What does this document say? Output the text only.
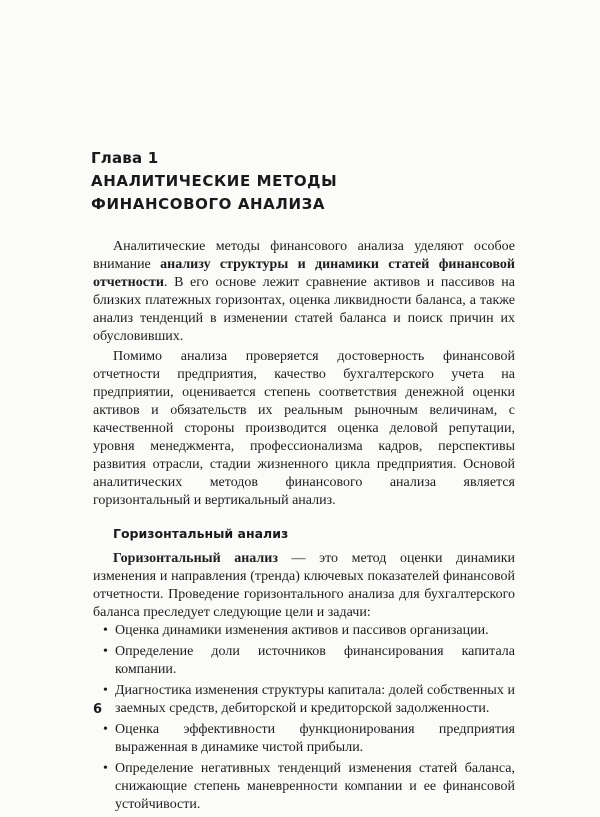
Глава 1
АНАЛИТИЧЕСКИЕ МЕТОДЫ
ФИНАНСОВОГО АНАЛИЗА

Аналитические методы финансового анализа уделяют особое внимание анализу структуры и динамики статей финансовой отчетности. В его основе лежит сравнение активов и пассивов на близких платежных горизонтах, оценка ликвидности баланса, а также анализ тенденций в изменении статей баланса и поиск причин их обусловивших.

Помимо анализа проверяется достоверность финансовой отчетности предприятия, качество бухгалтерского учета на предприятии, оценивается степень соответствия денежной оценки активов и обязательств их реальным рыночным величинам, с качественной стороны производится оценка деловой репутации, уровня менеджмента, профессионализма кадров, перспективы развития отрасли, стадии жизненного цикла предприятия. Основой аналитических методов финансового анализа является горизонтальный и вертикальный анализ.

Горизонтальный анализ

Горизонтальный анализ — это метод оценки динамики изменения и направления (тренда) ключевых показателей финансовой отчетности. Проведение горизонтального анализа для бухгалтерского баланса преследует следующие цели и задачи:

• Оценка динамики изменения активов и пассивов организации.
• Определение доли источников финансирования капитала компании.
• Диагностика изменения структуры капитала: долей собственных и заемных средств, дебиторской и кредиторской задолженности.
• Оценка эффективности функционирования предприятия выраженная в динамике чистой прибыли.
• Определение негативных тенденций изменения статей баланса, снижающие степень маневренности компании и ее финансовой устойчивости.
6
